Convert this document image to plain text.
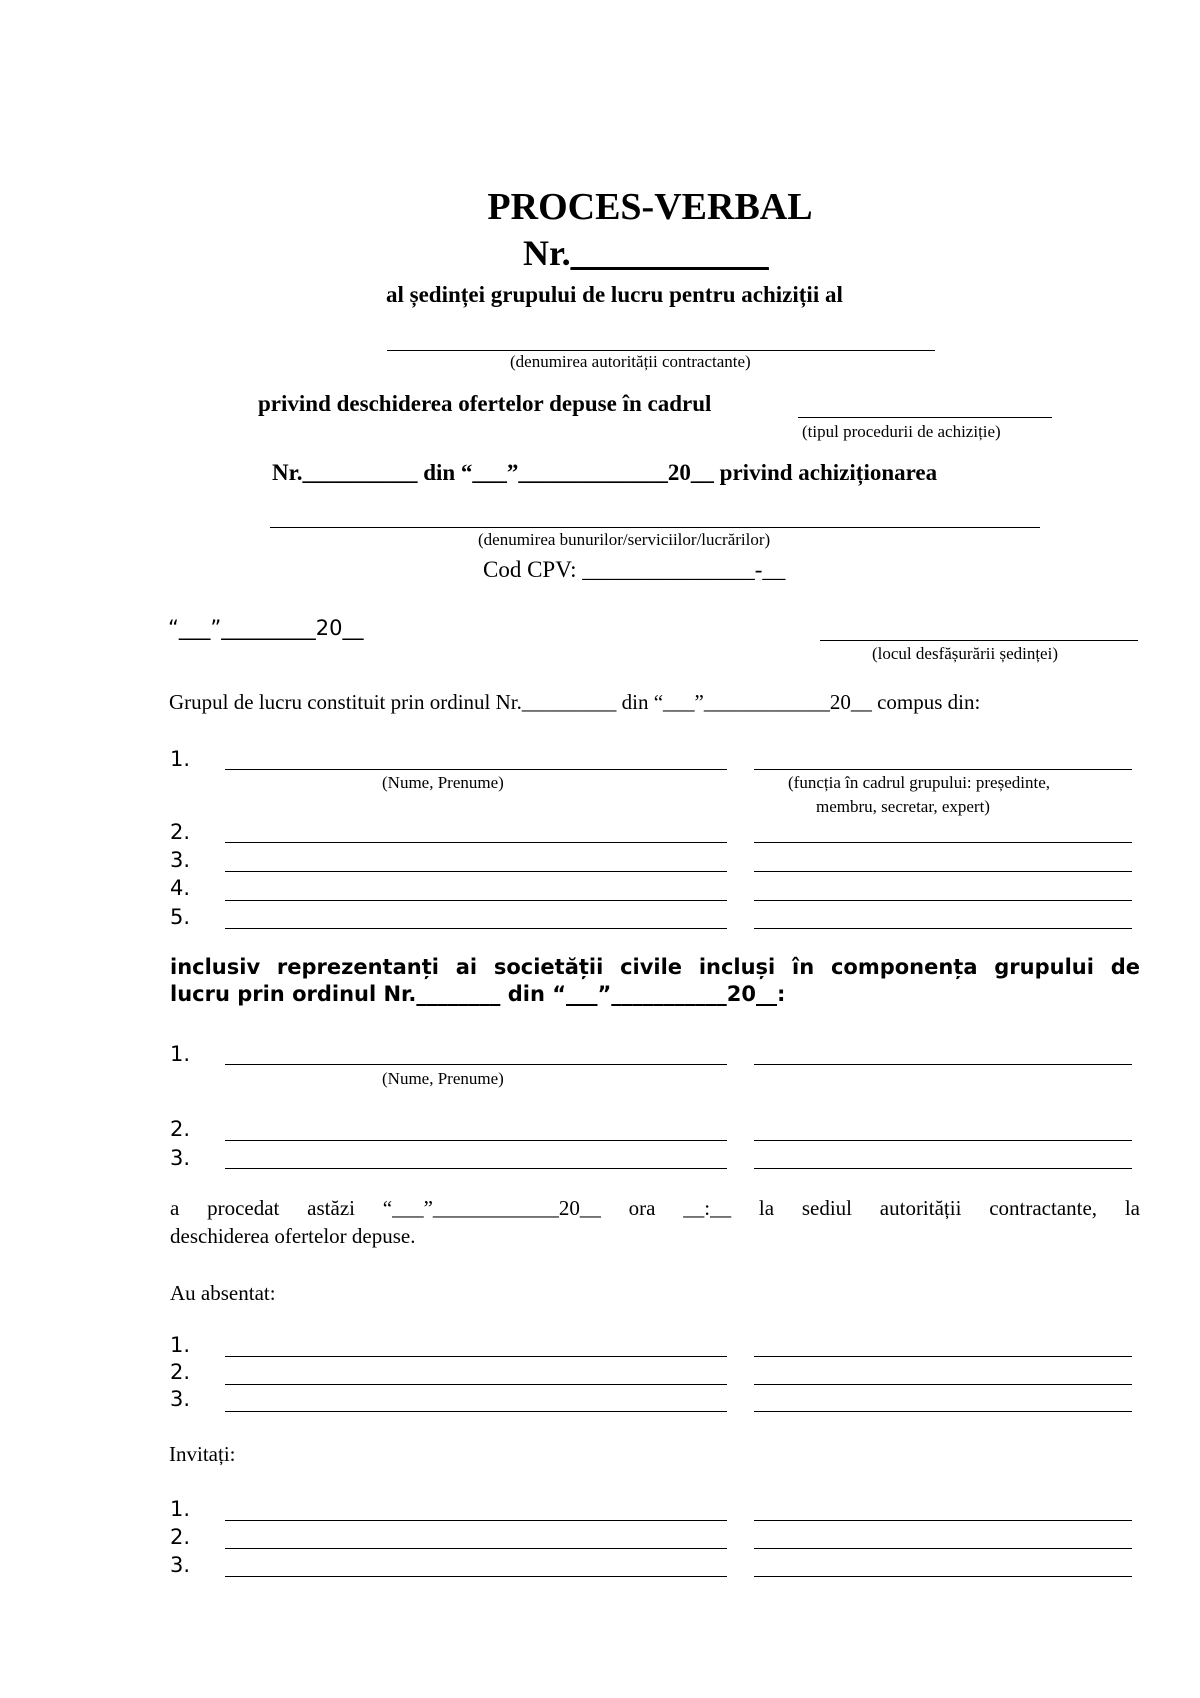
PROCES-VERBAL
Nr.___________
al ședinței grupului de lucru pentru achiziții al
(denumirea autorității contractante)
privind deschiderea ofertelor depuse în cadrul
(tipul procedurii de achiziție)
Nr.__________ din “___”_____________20__ privind achiziționarea
(denumirea bunurilor/serviciilor/lucrărilor)
Cod CPV: _______________-__
“___”_________20__
(locul desfășurării ședinței)
Grupul de lucru constituit prin ordinul Nr._________ din “___”____________20__ compus din:
1.
(Nume, Prenume)	(funcția în cadrul grupului: președinte,
membru, secretar, expert)
2.
3.
4.
5.
inclusiv reprezentanți ai societății civile incluși în componența grupului de
lucru prin ordinul Nr.________ din “___”___________20__:
1.
(Nume, Prenume)
2.
3.
a procedat astăzi “___”____________20__ ora __:__ la sediul autorității contractante, la
deschiderea ofertelor depuse.
Au absentat:
1.
2.
3.
Invitați:
1.
2.
3.
